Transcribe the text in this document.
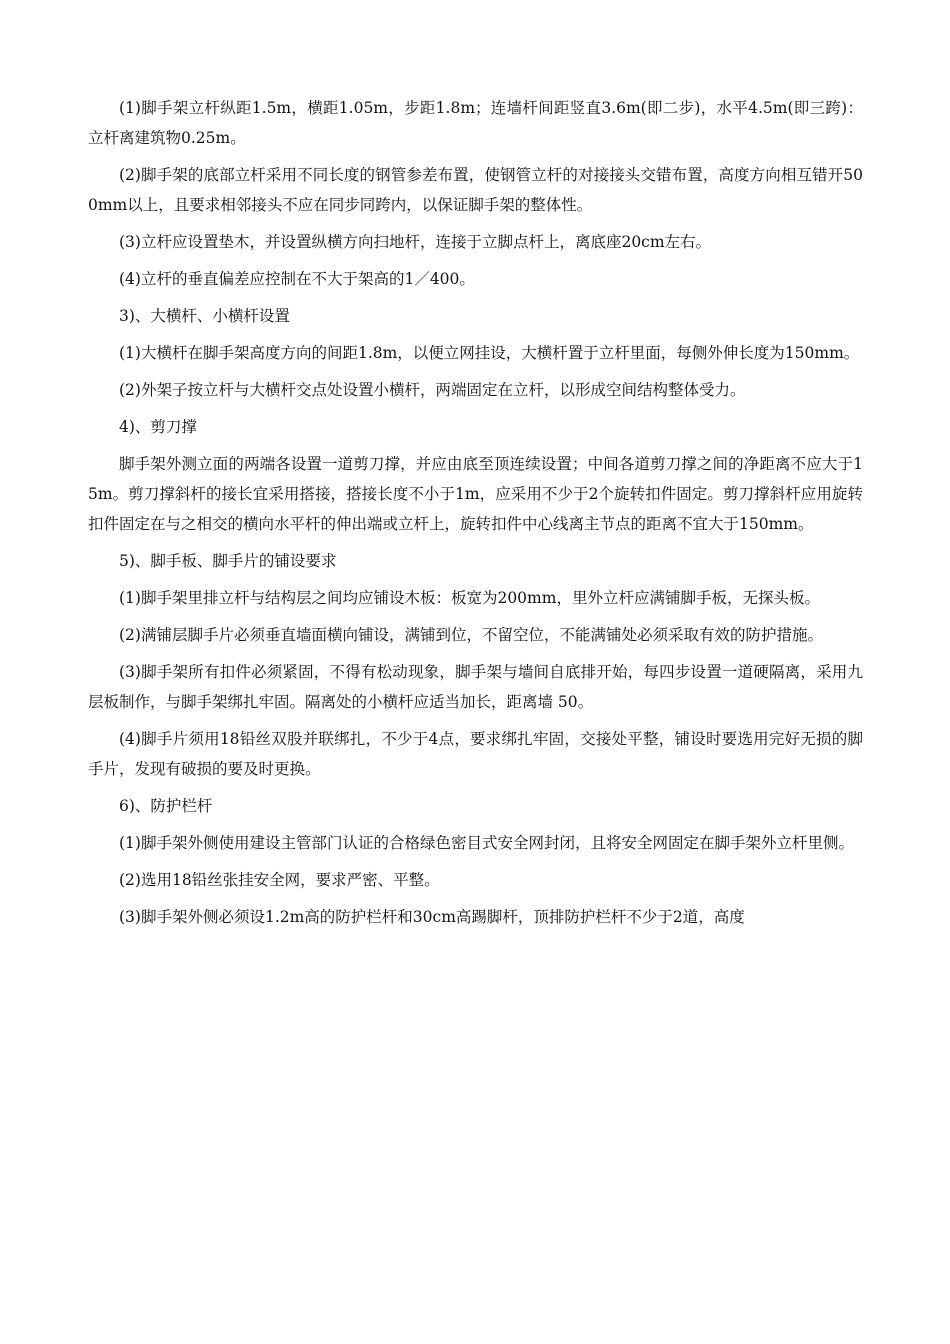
(1)脚手架立杆纵距1.5m，横距1.05m，步距1.8m；连墙杆间距竖直3.6m(即二步)，水平4.5m(即三跨)：立杆离建筑物0.25m。

(2)脚手架的底部立杆采用不同长度的钢管参差布置，使钢管立杆的对接接头交错布置，高度方向相互错开500mm以上，且要求相邻接头不应在同步同跨内，以保证脚手架的整体性。

(3)立杆应设置垫木，并设置纵横方向扫地杆，连接于立脚点杆上，离底座20cm左右。

(4)立杆的垂直偏差应控制在不大于架高的1／400。

3)、大横杆、小横杆设置

(1)大横杆在脚手架高度方向的间距1.8m，以便立网挂设，大横杆置于立杆里面，每侧外伸长度为150mm。

(2)外架子按立杆与大横杆交点处设置小横杆，两端固定在立杆，以形成空间结构整体受力。

4)、剪刀撑

脚手架外测立面的两端各设置一道剪刀撑，并应由底至顶连续设置；中间各道剪刀撑之间的净距离不应大于15m。剪刀撑斜杆的接长宜采用搭接，搭接长度不小于1m，应采用不少于2个旋转扣件固定。剪刀撑斜杆应用旋转扣件固定在与之相交的横向水平杆的伸出端或立杆上，旋转扣件中心线离主节点的距离不宜大于150mm。

5)、脚手板、脚手片的铺设要求

(1)脚手架里排立杆与结构层之间均应铺设木板：板宽为200mm，里外立杆应满铺脚手板，无探头板。

(2)满铺层脚手片必须垂直墙面横向铺设，满铺到位，不留空位，不能满铺处必须采取有效的防护措施。

(3)脚手架所有扣件必须紧固，不得有松动现象，脚手架与墙间自底排开始，每四步设置一道硬隔离，采用九层板制作，与脚手架绑扎牢固。隔离处的小横杆应适当加长，距离墙 50。

(4)脚手片须用18铅丝双股并联绑扎，不少于4点，要求绑扎牢固，交接处平整，铺设时要选用完好无损的脚手片，发现有破损的要及时更换。

6)、防护栏杆

(1)脚手架外侧使用建设主管部门认证的合格绿色密目式安全网封闭，且将安全网固定在脚手架外立杆里侧。

(2)选用18铅丝张挂安全网，要求严密、平整。

(3)脚手架外侧必须设1.2m高的防护栏杆和30cm高踢脚杆，顶排防护栏杆不少于2道，高度
